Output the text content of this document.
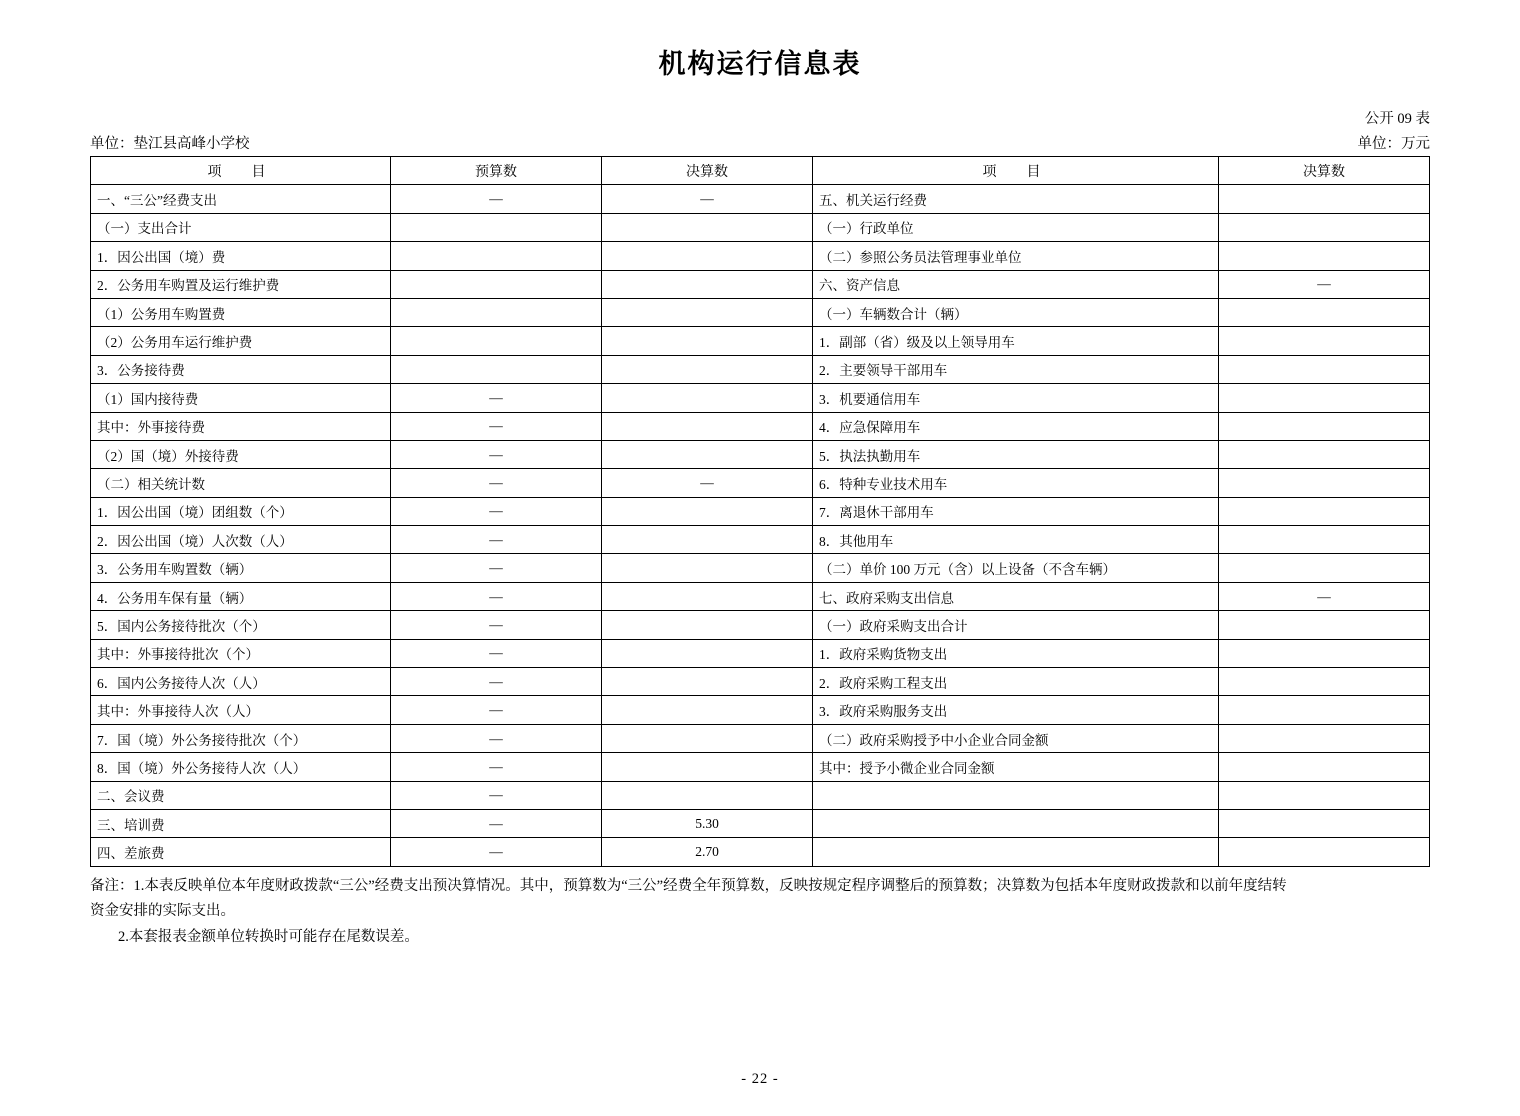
机构运行信息表
公开 09 表
单位：垫江县高峰小学校	单位：万元
项　目	预算数	决算数	项　目	决算数
一、“三公”经费支出	—	—	五、机关运行经费	
（一）支出合计			（一）行政单位	
1．因公出国（境）费			（二）参照公务员法管理事业单位	
2．公务用车购置及运行维护费			六、资产信息	—
（1）公务用车购置费			（一）车辆数合计（辆）	
（2）公务用车运行维护费			1．副部（省）级及以上领导用车	
3．公务接待费			2．主要领导干部用车	
（1）国内接待费	—		3．机要通信用车	
其中：外事接待费	—		4．应急保障用车	
（2）国（境）外接待费	—		5．执法执勤用车	
（二）相关统计数	—	—	6．特种专业技术用车	
1．因公出国（境）团组数（个）	—		7．离退休干部用车	
2．因公出国（境）人次数（人）	—		8．其他用车	
3．公务用车购置数（辆）	—		（二）单价 100 万元（含）以上设备（不含车辆）	
4．公务用车保有量（辆）	—		七、政府采购支出信息	—
5．国内公务接待批次（个）	—		（一）政府采购支出合计	
其中：外事接待批次（个）	—		1．政府采购货物支出	
6．国内公务接待人次（人）	—		2．政府采购工程支出	
其中：外事接待人次（人）	—		3．政府采购服务支出	
7．国（境）外公务接待批次（个）	—		（二）政府采购授予中小企业合同金额	
8．国（境）外公务接待人次（人）	—		其中：授予小微企业合同金额	
二、会议费	—			
三、培训费	—	5.30		
四、差旅费	—	2.70		
备注：1.本表反映单位本年度财政拨款“三公”经费支出预决算情况。其中，预算数为“三公”经费全年预算数，反映按规定程序调整后的预算数；决算数为包括本年度财政拨款和以前年度结转
资金安排的实际支出。
2.本套报表金额单位转换时可能存在尾数误差。
- 22 -
